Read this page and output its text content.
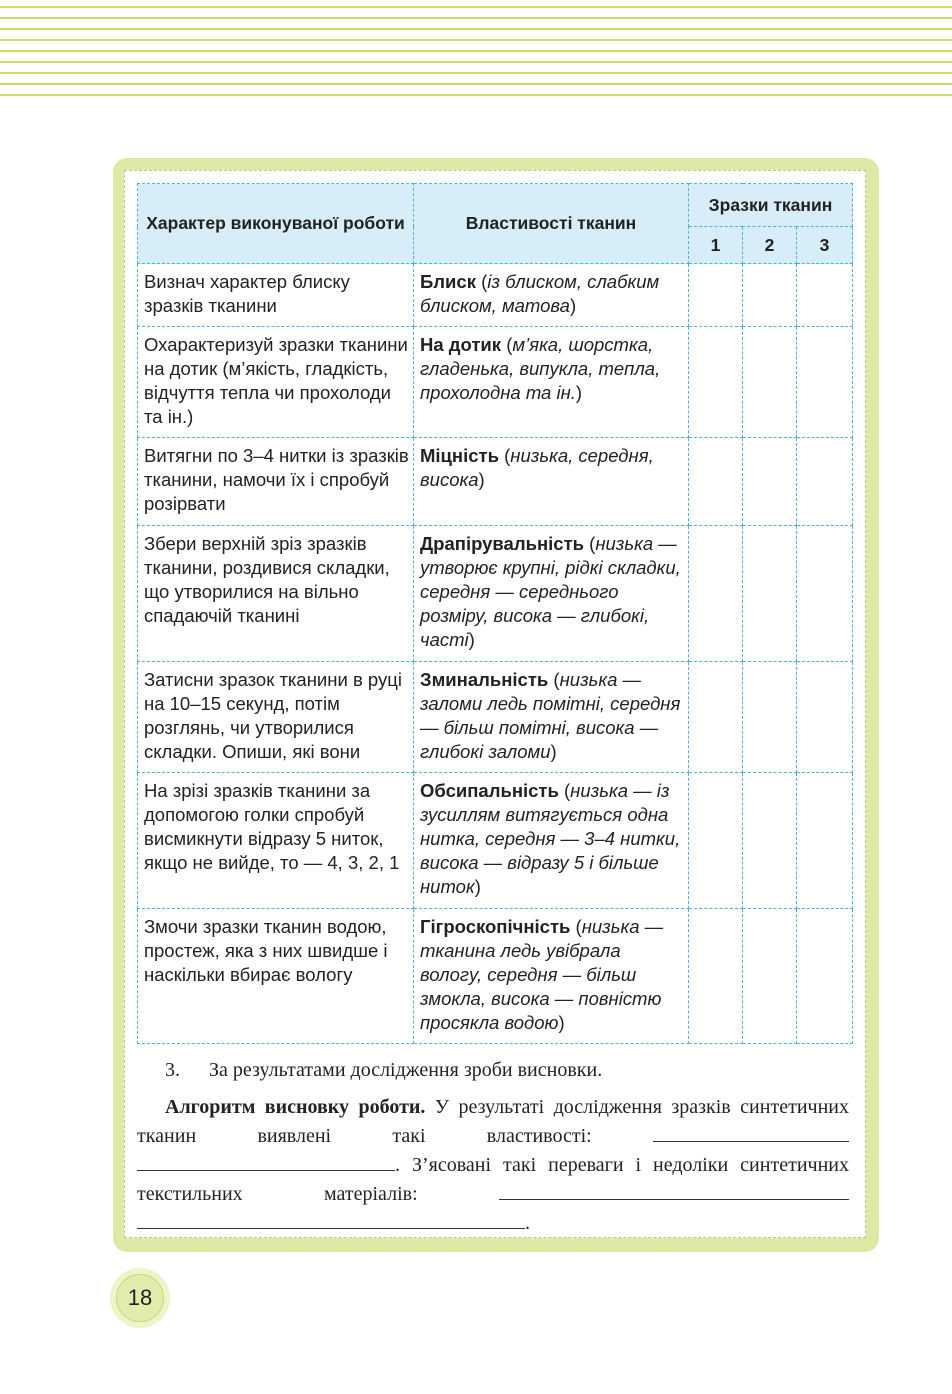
Характер виконуваної роботи	Властивості тканин	Зразки тканин		
		1	2	3
Визнач характер блиску зразків тканини	Блиск (із блиском, слабким блиском, матова)			
Охарактеризуй зразки тканини на дотик (м’якість, гладкість, відчуття тепла чи прохолоди та ін.)	На дотик (м’яка, шорстка, гладенька, випукла, тепла, прохолодна та ін.)			
Витягни по 3–4 нитки із зразків тканини, намочи їх і спробуй розірвати	Міцність (низька, середня, висока)			
Збери верхній зріз зразків тканини, роздивися складки, що утворилися на вільно спадаючій тканині	Драпірувальність (низька — утворює крупні, рідкі складки, середня — середнього розміру, висока — глибокі, часті)			
Затисни зразок тканини в руці на 10–15 секунд, потім розглянь, чи утворилися складки. Опиши, які вони	Зминальність (низька — заломи ледь помітні, середня — більш помітні, висока — глибокі заломи)			
На зрізі зразків тканини за допомогою голки спробуй висмикнути відразу 5 ниток, якщо не вийде, то — 4, 3, 2, 1	Обсипальність (низька — із зусиллям витягується одна нитка, середня — 3–4 нитки, висока — відразу 5 і більше ниток)			
Змочи зразки тканин водою, простеж, яка з них швидше і наскільки вбирає вологу	Гігроскопічність (низька — тканина ледь увібрала вологу, середня — більш змокла, висока — повністю просякла водою)			
3. За результатами дослідження зроби висновки.

Алгоритм висновку роботи. У результаті дослідження зразків синтетичних тканин виявлені такі властивості:  . З’ясовані такі переваги і недоліки синтетичних текстильних матеріалів:  .

18
